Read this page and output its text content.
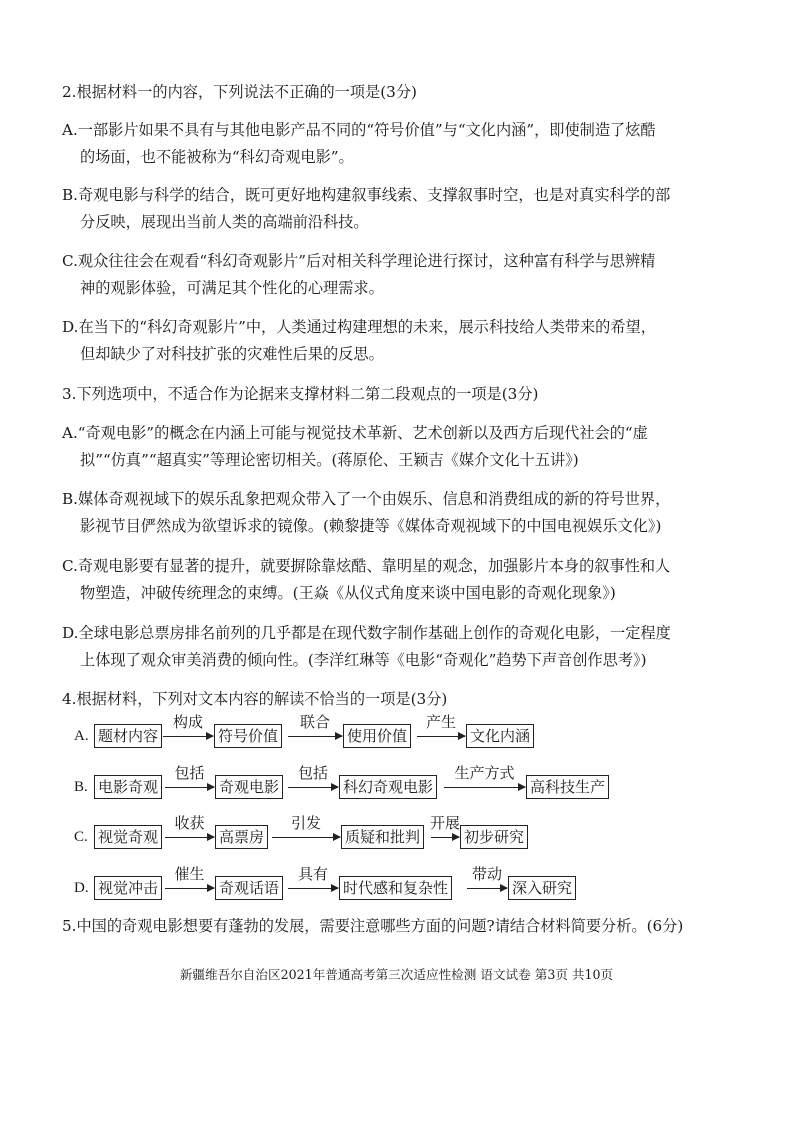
2.根据材料一的内容，下列说法不正确的一项是(3分)
A.一部影片如果不具有与其他电影产品不同的“符号价值”与“文化内涵”，即使制造了炫酷
的场面，也不能被称为“科幻奇观电影”。
B.奇观电影与科学的结合，既可更好地构建叙事线索、支撑叙事时空，也是对真实科学的部
分反映，展现出当前人类的高端前沿科技。
C.观众往往会在观看“科幻奇观影片”后对相关科学理论进行探讨，这种富有科学与思辨精
神的观影体验，可满足其个性化的心理需求。
D.在当下的“科幻奇观影片”中，人类通过构建理想的未来，展示科技给人类带来的希望，
但却缺少了对科技扩张的灾难性后果的反思。
3.下列选项中，不适合作为论据来支撑材料二第二段观点的一项是(3分)
A.“奇观电影”的概念在内涵上可能与视觉技术革新、艺术创新以及西方后现代社会的“虚
拟”“仿真”“超真实”等理论密切相关。(蒋原伦、王颖吉《媒介文化十五讲》)
B.媒体奇观视域下的娱乐乱象把观众带入了一个由娱乐、信息和消费组成的新的符号世界，
影视节目俨然成为欲望诉求的镜像。(赖黎捷等《媒体奇观视域下的中国电视娱乐文化》)
C.奇观电影要有显著的提升，就要摒除靠炫酷、靠明星的观念，加强影片本身的叙事性和人
物塑造，冲破传统理念的束缚。(王焱《从仪式角度来谈中国电影的奇观化现象》)
D.全球电影总票房排名前列的几乎都是在现代数字制作基础上创作的奇观化电影，一定程度
上体现了观众审美消费的倾向性。(李洋红琳等《电影“奇观化”趋势下声音创作思考》)
4.根据材料，下列对文本内容的解读不恰当的一项是(3分)
A. 题材内容
构成
符号价值
联合
使用价值
产生
文化内涵
B. 电影奇观
包括
奇观电影
包括
科幻奇观电影
生产方式
高科技生产
C. 视觉奇观
收获
高票房
引发
质疑和批判
开展
初步研究
D. 视觉冲击
催生
奇观话语
具有
时代感和复杂性
带动
深入研究
5.中国的奇观电影想要有蓬勃的发展，需要注意哪些方面的问题?请结合材料简要分析。(6分)
新疆维吾尔自治区2021年普通高考第三次适应性检测 语文试卷 第3页 共10页
